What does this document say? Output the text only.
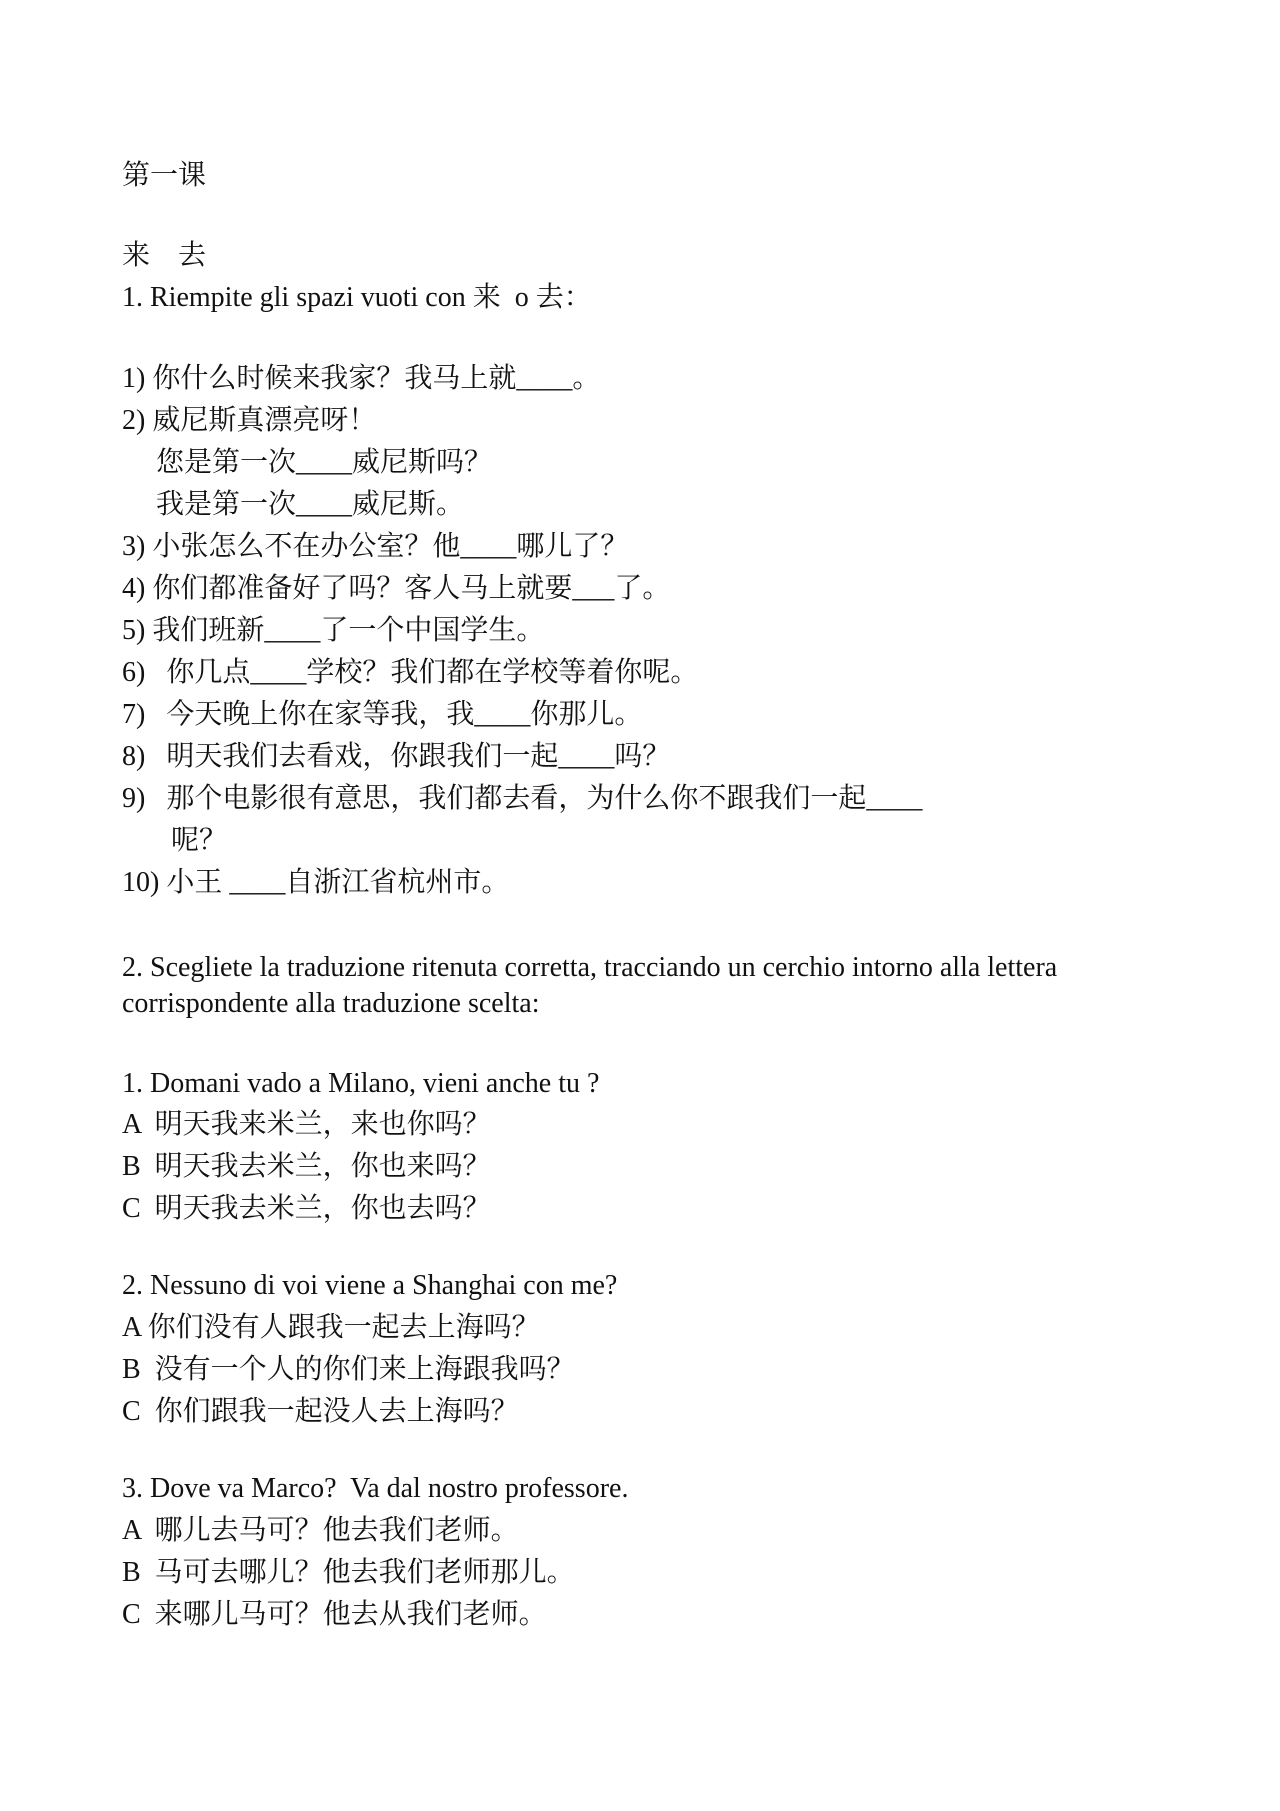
第一课

来　去

1. Riempite gli spazi vuoti con 来  o 去：

1) 你什么时候来我家？我马上就____。

2) 威尼斯真漂亮呀！

您是第一次____威尼斯吗？

我是第一次____威尼斯。

3) 小张怎么不在办公室？他____哪儿了？

4) 你们都准备好了吗？客人马上就要___了。

5) 我们班新____了一个中国学生。

6)   你几点____学校？我们都在学校等着你呢。

7)   今天晚上你在家等我，我____你那儿。

8)   明天我们去看戏，你跟我们一起____吗？

9)   那个电影很有意思，我们都去看，为什么你不跟我们一起____

呢？

10) 小王 ____自浙江省杭州市。

2. Scegliete la traduzione ritenuta corretta, tracciando un cerchio intorno alla lettera

corrispondente alla traduzione scelta:

1. Domani vado a Milano, vieni anche tu ?

A  明天我来米兰，来也你吗？

B  明天我去米兰，你也来吗？

C  明天我去米兰，你也去吗？

2. Nessuno di voi viene a Shanghai con me?

A 你们没有人跟我一起去上海吗？

B  没有一个人的你们来上海跟我吗？

C  你们跟我一起没人去上海吗？

3. Dove va Marco?  Va dal nostro professore.

A  哪儿去马可？他去我们老师。

B  马可去哪儿？他去我们老师那儿。

C  来哪儿马可？他去从我们老师。
